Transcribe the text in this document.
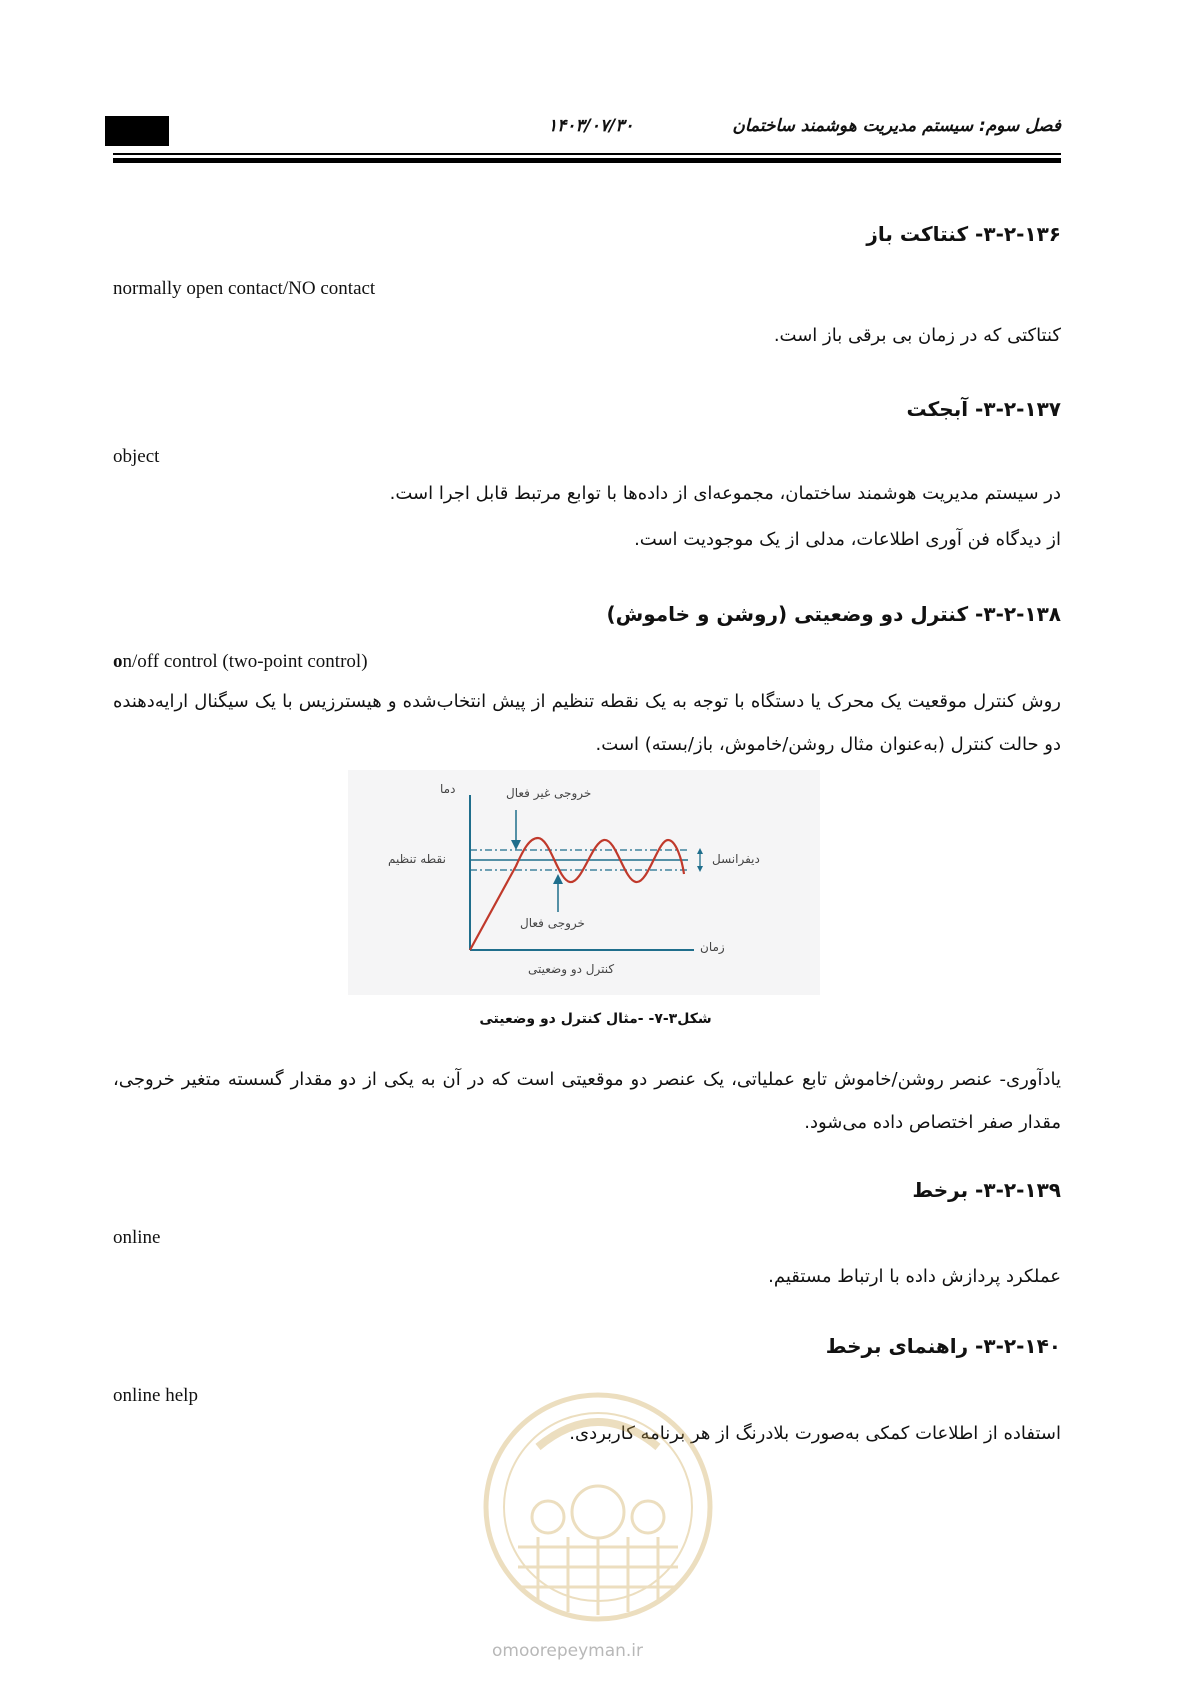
۱۴۰۳/۰۷/۳۰	فصل سوم: سیستم مدیریت هوشمند ساختمان
۳-۲-۱۳۶- کنتاکت باز
normally open contact/NO contact
کنتاکتی که در زمان بی برقی باز است.
۳-۲-۱۳۷- آبجکت
object
در سیستم مدیریت هوشمند ساختمان، مجموعه‌ای از داده‌ها با توابع مرتبط قابل اجرا است.
از دیدگاه فن آوری اطلاعات، مدلی از یک موجودیت است.
۳-۲-۱۳۸- کنترل دو وضعیتی (روشن و خاموش)
on/off control (two-point control)
روش کنترل موقعیت یک محرک یا دستگاه با توجه به یک نقطه تنظیم از پیش انتخاب‌شده و هیسترزیس با یک سیگنال ارایه‌دهنده دو حالت کنترل (به‌عنوان مثال روشن/خاموش، باز/بسته) است.
دما	خروجی غیر فعال
نقطه تنظیم	دیفرانسل
خروجی فعال
زمان
کنترل دو وضعیتی
شکل۳-۷- -مثال کنترل دو وضعیتی
یادآوری- عنصر روشن/خاموش تابع عملیاتی، یک عنصر دو موقعیتی است که در آن به یکی از دو مقدار گسسته متغیر خروجی، مقدار صفر اختصاص داده می‌شود.
۳-۲-۱۳۹- برخط
online
عملکرد پردازش داده با ارتباط مستقیم.
۳-۲-۱۴۰- راهنمای برخط
online help
استفاده از اطلاعات کمکی به‌صورت بلادرنگ از هر برنامه کاربردی.
omoorepeyman.ir
